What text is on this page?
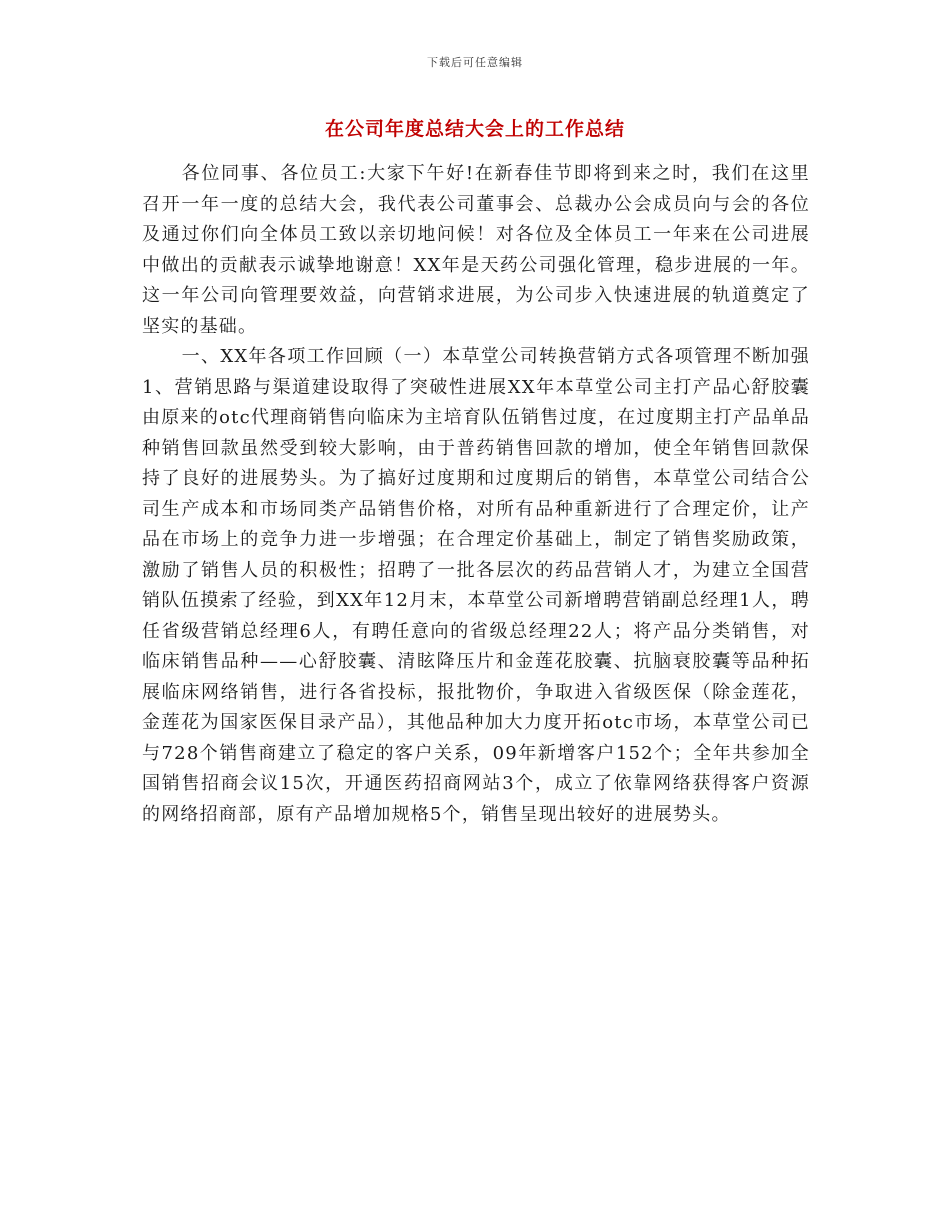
下载后可任意编辑
在公司年度总结大会上的工作总结

各位同事、各位员工:大家下午好!在新春佳节即将到来之时，我们在这里召开一年一度的总结大会，我代表公司董事会、总裁办公会成员向与会的各位及通过你们向全体员工致以亲切地问候！对各位及全体员工一年来在公司进展中做出的贡献表示诚挚地谢意！XX年是天药公司强化管理，稳步进展的一年。这一年公司向管理要效益，向营销求进展，为公司步入快速进展的轨道奠定了坚实的基础。

一、XX年各项工作回顾（一）本草堂公司转换营销方式各项管理不断加强1、营销思路与渠道建设取得了突破性进展XX年本草堂公司主打产品心舒胶囊由原来的otc代理商销售向临床为主培育队伍销售过度，在过度期主打产品单品种销售回款虽然受到较大影响，由于普药销售回款的增加，使全年销售回款保持了良好的进展势头。为了搞好过度期和过度期后的销售，本草堂公司结合公司生产成本和市场同类产品销售价格，对所有品种重新进行了合理定价，让产品在市场上的竞争力进一步增强；在合理定价基础上，制定了销售奖励政策，激励了销售人员的积极性；招聘了一批各层次的药品营销人才，为建立全国营销队伍摸索了经验，到XX年12月末，本草堂公司新增聘营销副总经理1人，聘任省级营销总经理6人，有聘任意向的省级总经理22人；将产品分类销售，对临床销售品种——心舒胶囊、清眩降压片和金莲花胶囊、抗脑衰胶囊等品种拓展临床网络销售，进行各省投标，报批物价，争取进入省级医保（除金莲花，金莲花为国家医保目录产品），其他品种加大力度开拓otc市场，本草堂公司已与728个销售商建立了稳定的客户关系，09年新增客户152个；全年共参加全国销售招商会议15次，开通医药招商网站3个，成立了依靠网络获得客户资源的网络招商部，原有产品增加规格5个，销售呈现出较好的进展势头。
